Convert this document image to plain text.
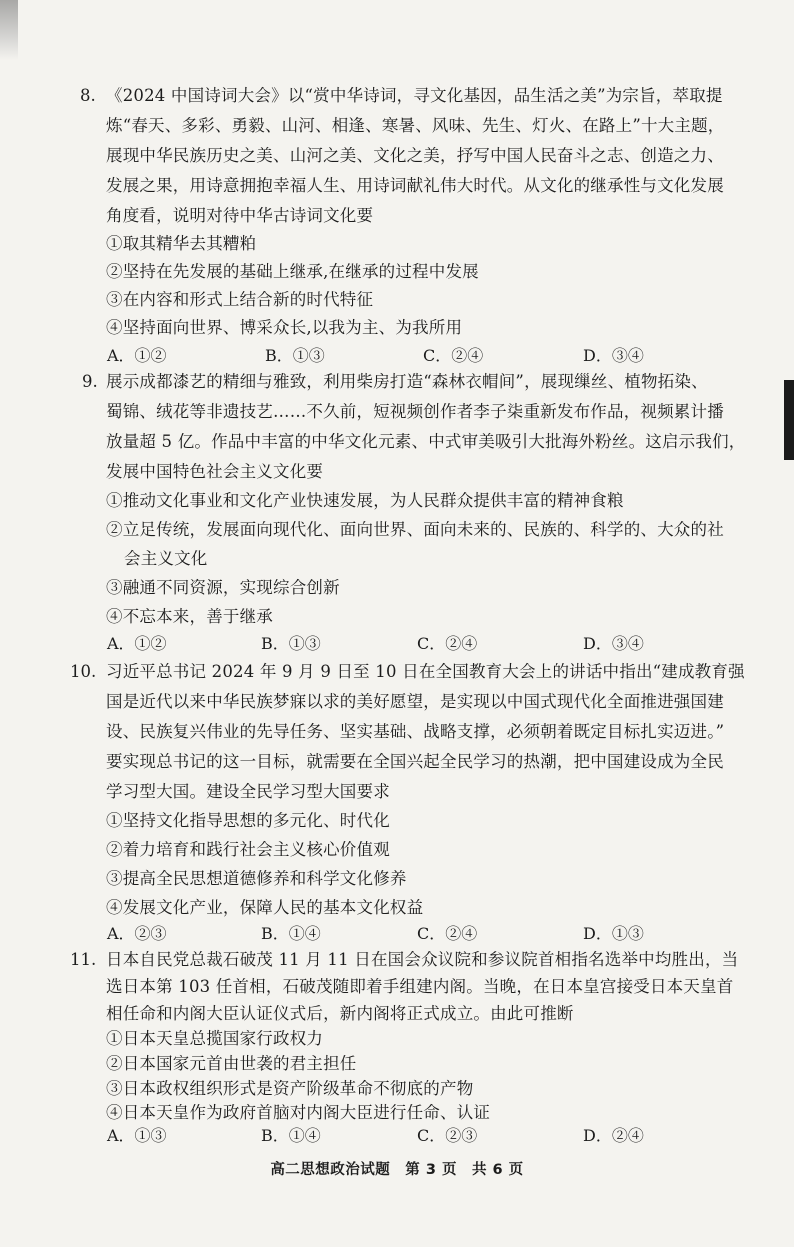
8. 《2024 中国诗词大会》以“赏中华诗词，寻文化基因，品生活之美”为宗旨，萃取提
炼“春天、多彩、勇毅、山河、相逢、寒暑、风味、先生、灯火、在路上”十大主题，
展现中华民族历史之美、山河之美、文化之美，抒写中国人民奋斗之志、创造之力、
发展之果，用诗意拥抱幸福人生、用诗词献礼伟大时代。从文化的继承性与文化发展
角度看，说明对待中华古诗词文化要
①取其精华去其糟粕
②坚持在先发展的基础上继承,在继承的过程中发展
③在内容和形式上结合新的时代特征
④坚持面向世界、博采众长,以我为主、为我所用
A．①②	B．①③	C．②④	D．③④
9. 展示成都漆艺的精细与雅致，利用柴房打造“森林衣帽间”，展现缫丝、植物拓染、
蜀锦、绒花等非遗技艺……不久前，短视频创作者李子柒重新发布作品，视频累计播
放量超 5 亿。作品中丰富的中华文化元素、中式审美吸引大批海外粉丝。这启示我们，
发展中国特色社会主义文化要
①推动文化事业和文化产业快速发展，为人民群众提供丰富的精神食粮
②立足传统，发展面向现代化、面向世界、面向未来的、民族的、科学的、大众的社
会主义文化
③融通不同资源，实现综合创新
④不忘本来，善于继承
A．①②	B．①③	C．②④	D．③④
10. 习近平总书记 2024 年 9 月 9 日至 10 日在全国教育大会上的讲话中指出“建成教育强
国是近代以来中华民族梦寐以求的美好愿望，是实现以中国式现代化全面推进强国建
设、民族复兴伟业的先导任务、坚实基础、战略支撑，必须朝着既定目标扎实迈进。”
要实现总书记的这一目标，就需要在全国兴起全民学习的热潮，把中国建设成为全民
学习型大国。建设全民学习型大国要求
①坚持文化指导思想的多元化、时代化
②着力培育和践行社会主义核心价值观
③提高全民思想道德修养和科学文化修养
④发展文化产业，保障人民的基本文化权益
A．②③	B．①④	C．②④	D．①③
11. 日本自民党总裁石破茂 11 月 11 日在国会众议院和参议院首相指名选举中均胜出，当
选日本第 103 任首相，石破茂随即着手组建内阁。当晚，在日本皇宫接受日本天皇首
相任命和内阁大臣认证仪式后，新内阁将正式成立。由此可推断
①日本天皇总揽国家行政权力
②日本国家元首由世袭的君主担任
③日本政权组织形式是资产阶级革命不彻底的产物
④日本天皇作为政府首脑对内阁大臣进行任命、认证
A．①③	B．①④	C．②③	D．②④
高二思想政治试题　第 3 页　共 6 页
